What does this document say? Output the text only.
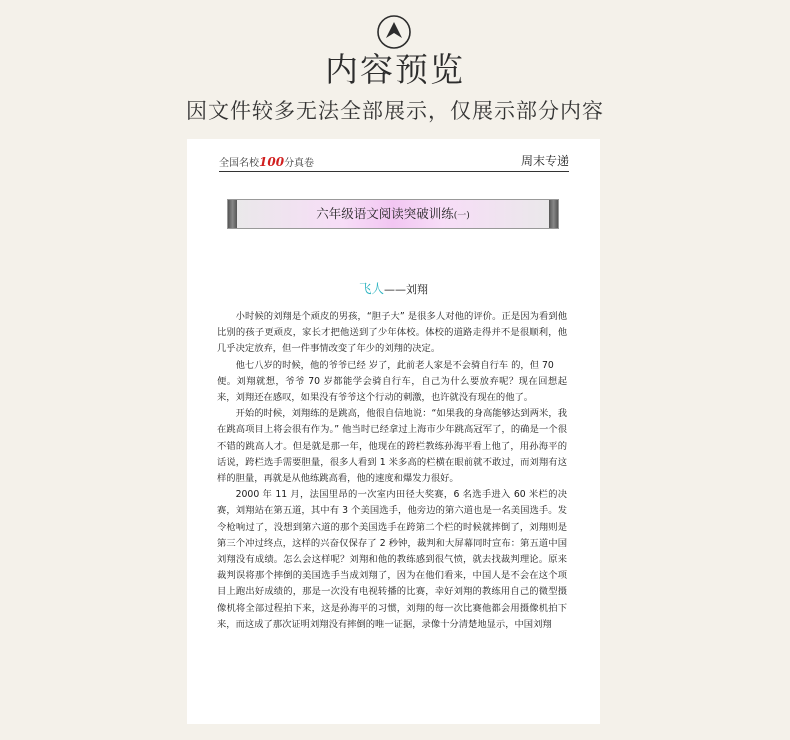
内容预览
因文件较多无法全部展示，仅展示部分内容
全国名校100分真卷	周末专递
六年级语文阅读突破训练(一)
飞人——刘翔

小时候的刘翔是个顽皮的男孩，“胆子大” 是很多人对他的评价。正是因为看到他比别的孩子更顽皮，家长才把他送到了少年体校。体校的道路走得并不是很顺利，他几乎决定放弃，但一件事情改变了年少的刘翔的决定。

他七八岁的时候，他的爷爷已经 岁了，此前老人家是不会骑自行车 的，但 70

便。刘翔就想，爷爷 70 岁都能学会骑自行车，自己为什么要放弃呢？现在回想起来，刘翔还在感叹，如果没有爷爷这个行动的刺激，也许就没有现在的他了。

开始的时候，刘翔练的是跳高，他很自信地说：“如果我的身高能够达到两米，我在跳高项目上将会很有作为。” 他当时已经拿过上海市少年跳高冠军了，的确是一个很不错的跳高人才。但是就是那一年，他现在的跨栏教练孙海平看上他了，用孙海平的话说，跨栏选手需要胆量，很多人看到 1 米多高的栏横在眼前就不敢过，而刘翔有这样的胆量，再就是从他练跳高看，他的速度和爆发力很好。

2000 年 11 月，法国里昂的一次室内田径大奖赛，6 名选手进入 60 米栏的决赛，刘翔站在第五道，其中有 3 个美国选手，他旁边的第六道也是一名美国选手。发令枪响过了，没想到第六道的那个美国选手在跨第二个栏的时候就摔倒了，刘翔则是第三个冲过终点，这样的兴奋仅保存了 2 秒钟，裁判和大屏幕同时宣布：第五道中国刘翔没有成绩。怎么会这样呢？刘翔和他的教练感到很气愤，就去找裁判理论。原来裁判误将那个摔倒的美国选手当成刘翔了，因为在他们看来，中国人是不会在这个项目上跑出好成绩的，那是一次没有电视转播的比赛，幸好刘翔的教练用自己的微型摄像机将全部过程拍下来，这是孙海平的习惯，刘翔的每一次比赛他都会用摄像机拍下来，而这成了那次证明刘翔没有摔倒的唯一证据，录像十分清楚地显示，中国刘翔
